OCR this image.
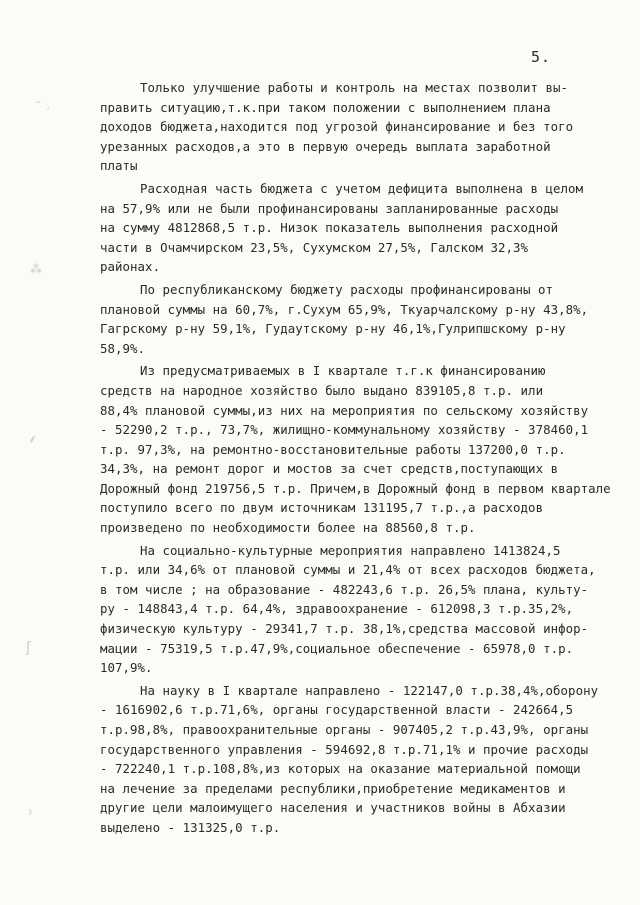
5.
Только улучшение работы и контроль на местах позволит вы-
править ситуацию,т.к.при таком положении с выполнением плана
доходов бюджета,находится под угрозой финансирование и без того
урезанных расходов,а это в первую очередь выплата заработной
платы
Расходная часть бюджета с учетом дефицита выполнена в целом
на 57,9% или не были профинансированы запланированные расходы
на сумму 4812868,5 т.р. Низок показатель выполнения расходной
части в Очамчирском 23,5%, Сухумском 27,5%, Галском 32,3%
районах.
По республиканскому бюджету расходы профинансированы от
плановой суммы на 60,7%, г.Сухум 65,9%, Ткуарчалскому р-ну 43,8%,
Гагрскому р-ну 59,1%, Гудаутскому р-ну 46,1%,Гулрипшскому р-ну
58,9%.
Из предусматриваемых в I квартале т.г.к финансированию
средств на народное хозяйство было выдано 839105,8 т.р. или
88,4% плановой суммы,из них на мероприятия по сельскому хозяйству
- 52290,2 т.р., 73,7%, жилищно-коммунальному хозяйству - 378460,1
т.р. 97,3%, на ремонтно-восстановительные работы 137200,0 т.р.
34,3%, на ремонт дорог и мостов за счет средств,поступающих в
Дорожный фонд 219756,5 т.р. Причем,в Дорожный фонд в первом квартале
поступило всего по двум источникам 131195,7 т.р.,а расходов
произведено по необходимости более на 88560,8 т.р.
На социально-культурные мероприятия направлено 1413824,5
т.р. или 34,6% от плановой суммы и 21,4% от всех расходов бюджета,
в том числе ; на образование - 482243,6 т.р. 26,5% плана, культу-
ру - 148843,4 т.р. 64,4%, здравоохранение - 612098,3 т.р.35,2%,
физическую культуру - 29341,7 т.р. 38,1%,средства массовой инфор-
мации - 75319,5 т.р.47,9%,социальное обеспечение - 65978,0 т.р.
107,9%.
На науку в I квартале направлено - 122147,0 т.р.38,4%,оборону
- 1616902,6 т.р.71,6%, органы государственной власти - 242664,5
т.р.98,8%, правоохранительные органы - 907405,2 т.р.43,9%, органы
государственного управления - 594692,8 т.р.71,1% и прочие расходы
- 722240,1 т.р.108,8%,из которых на оказание материальной помощи
на лечение за пределами республики,приобретение медикаментов и
другие цели малоимущего населения и участников войны в Абхазии
выделено - 131325,0 т.р.
ᵕ ˏ
⁂
⸙
ʃ
ˀ
